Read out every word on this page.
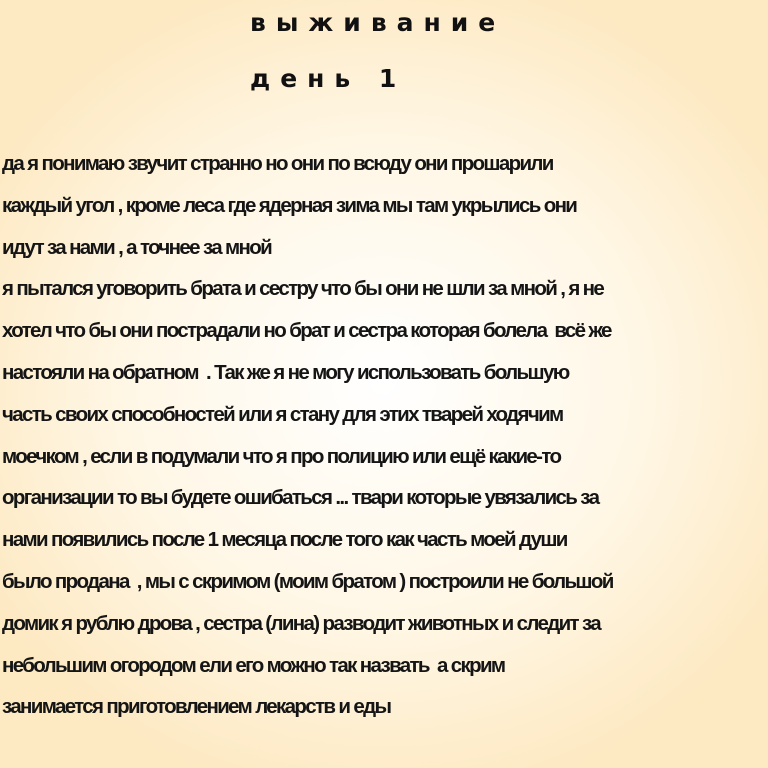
выживание
день 1
да я понимаю звучит странно но они по всюду они прошарили
каждый угол , кроме леса где ядерная зима мы там укрылись они
идут за нами , а точнее за мной
я пытался уговорить брата и сестру что бы они не шли за мной , я не
хотел что бы они пострадали но брат и сестра которая болела  всё же
настояли на обратном  . Так же я не могу использовать большую
часть своих способностей или я стану для этих тварей ходячим
моечком , если в подумали что я про полицию или ещё какие-то
организации то вы будете ошибаться ... твари которые увязались за
нами появились после 1 месяца после того как часть моей души
было продана  , мы с скримом (моим братом ) построили не большой
домик я рублю дрова , сестра (лина) разводит животных и следит за
небольшим огородом ели его можно так назвать  а скрим
занимается приготовлением лекарств и еды
